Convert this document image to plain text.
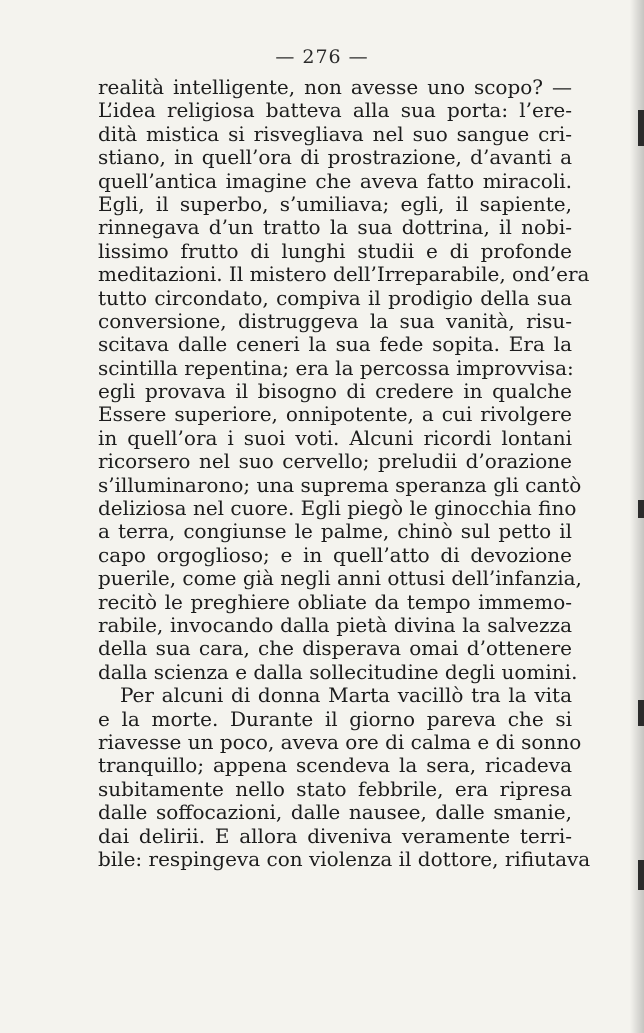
— 276 —
realità intelligente, non avesse uno scopo? —
L’idea religiosa batteva alla sua porta: l’ere-
dità mistica si risvegliava nel suo sangue cri-
stiano, in quell’ora di prostrazione, d’avanti a
quell’antica imagine che aveva fatto miracoli.
Egli, il superbo, s’umiliava; egli, il sapiente,
rinnegava d’un tratto la sua dottrina, il nobi-
lissimo frutto di lunghi studii e di profonde
meditazioni. Il mistero dell’Irreparabile, ond’era
tutto circondato, compiva il prodigio della sua
conversione, distruggeva la sua vanità, risu-
scitava dalle ceneri la sua fede sopita. Era la
scintilla repentina; era la percossa improvvisa:
egli provava il bisogno di credere in qualche
Essere superiore, onnipotente, a cui rivolgere
in quell’ora i suoi voti. Alcuni ricordi lontani
ricorsero nel suo cervello; preludii d’orazione
s’illuminarono; una suprema speranza gli cantò
deliziosa nel cuore. Egli piegò le ginocchia fino
a terra, congiunse le palme, chinò sul petto il
capo orgoglioso; e in quell’atto di devozione
puerile, come già negli anni ottusi dell’infanzia,
recitò le preghiere obliate da tempo immemo-
rabile, invocando dalla pietà divina la salvezza
della sua cara, che disperava omai d’ottenere
dalla scienza e dalla sollecitudine degli uomini.
Per alcuni di donna Marta vacillò tra la vita
e la morte. Durante il giorno pareva che si
riavesse un poco, aveva ore di calma e di sonno
tranquillo; appena scendeva la sera, ricadeva
subitamente nello stato febbrile, era ripresa
dalle soffocazioni, dalle nausee, dalle smanie,
dai delirii. E allora diveniva veramente terri-
bile: respingeva con violenza il dottore, rifiutava
